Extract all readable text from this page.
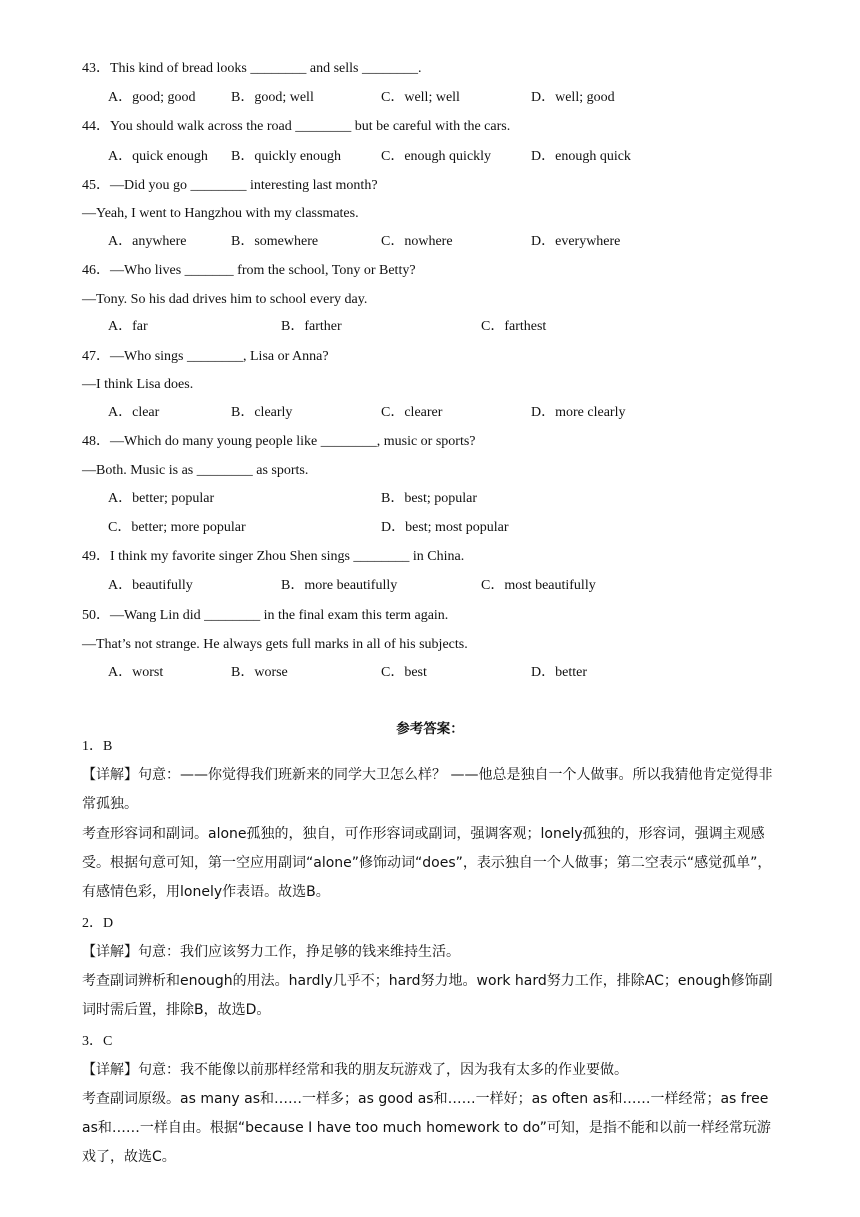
43．This kind of bread looks ________ and sells ________.
A．good; good	B．good; well	C．well; well	D．well; good
44．You should walk across the road ________ but be careful with the cars.
A．quick enough B．quickly enough	C．enough quickly	D．enough quick
45．—Did you go ________ interesting last month?
—Yeah, I went to Hangzhou with my classmates.
A．anywhere	B．somewhere	C．nowhere	D．everywhere
46．—Who lives _______ from the school, Tony or Betty?
—Tony. So his dad drives him to school every day.
A．far	B．farther	C．farthest
47．—Who sings ________, Lisa or Anna?
—I think Lisa does.
A．clear	B．clearly	C．clearer	D．more clearly
48．—Which do many young people like ________, music or sports?
—Both. Music is as ________ as sports.
A．better; popular	B．best; popular
C．better; more popular	D．best; most popular
49．I think my favorite singer Zhou Shen sings ________ in China.
A．beautifully	B．more beautifully	C．most beautifully
50．—Wang Lin did ________ in the final exam this term again.
—That’s not strange. He always gets full marks in all of his subjects.
A．worst	B．worse	C．best	D．better
参考答案：
1．B
【详解】句意：——你觉得我们班新来的同学大卫怎么样？ ——他总是独自一个人做事。所以我猜他肯定觉得非常孤独。
考查形容词和副词。alone孤独的，独自，可作形容词或副词，强调客观；lonely孤独的，形容词，强调主观感受。根据句意可知，第一空应用副词“alone”修饰动词“does”，表示独自一个人做事；第二空表示“感觉孤单”，有感情色彩，用lonely作表语。故选B。
2．D
【详解】句意：我们应该努力工作，挣足够的钱来维持生活。
考查副词辨析和enough的用法。hardly几乎不；hard努力地。work hard努力工作，排除AC；enough修饰副词时需后置，排除B，故选D。
3．C
【详解】句意：我不能像以前那样经常和我的朋友玩游戏了，因为我有太多的作业要做。
考查副词原级。as many as和……一样多；as good as和……一样好；as often as和……一样经常；as free as和……一样自由。根据“because I have too much homework to do”可知，是指不能和以前一样经常玩游戏了，故选C。
